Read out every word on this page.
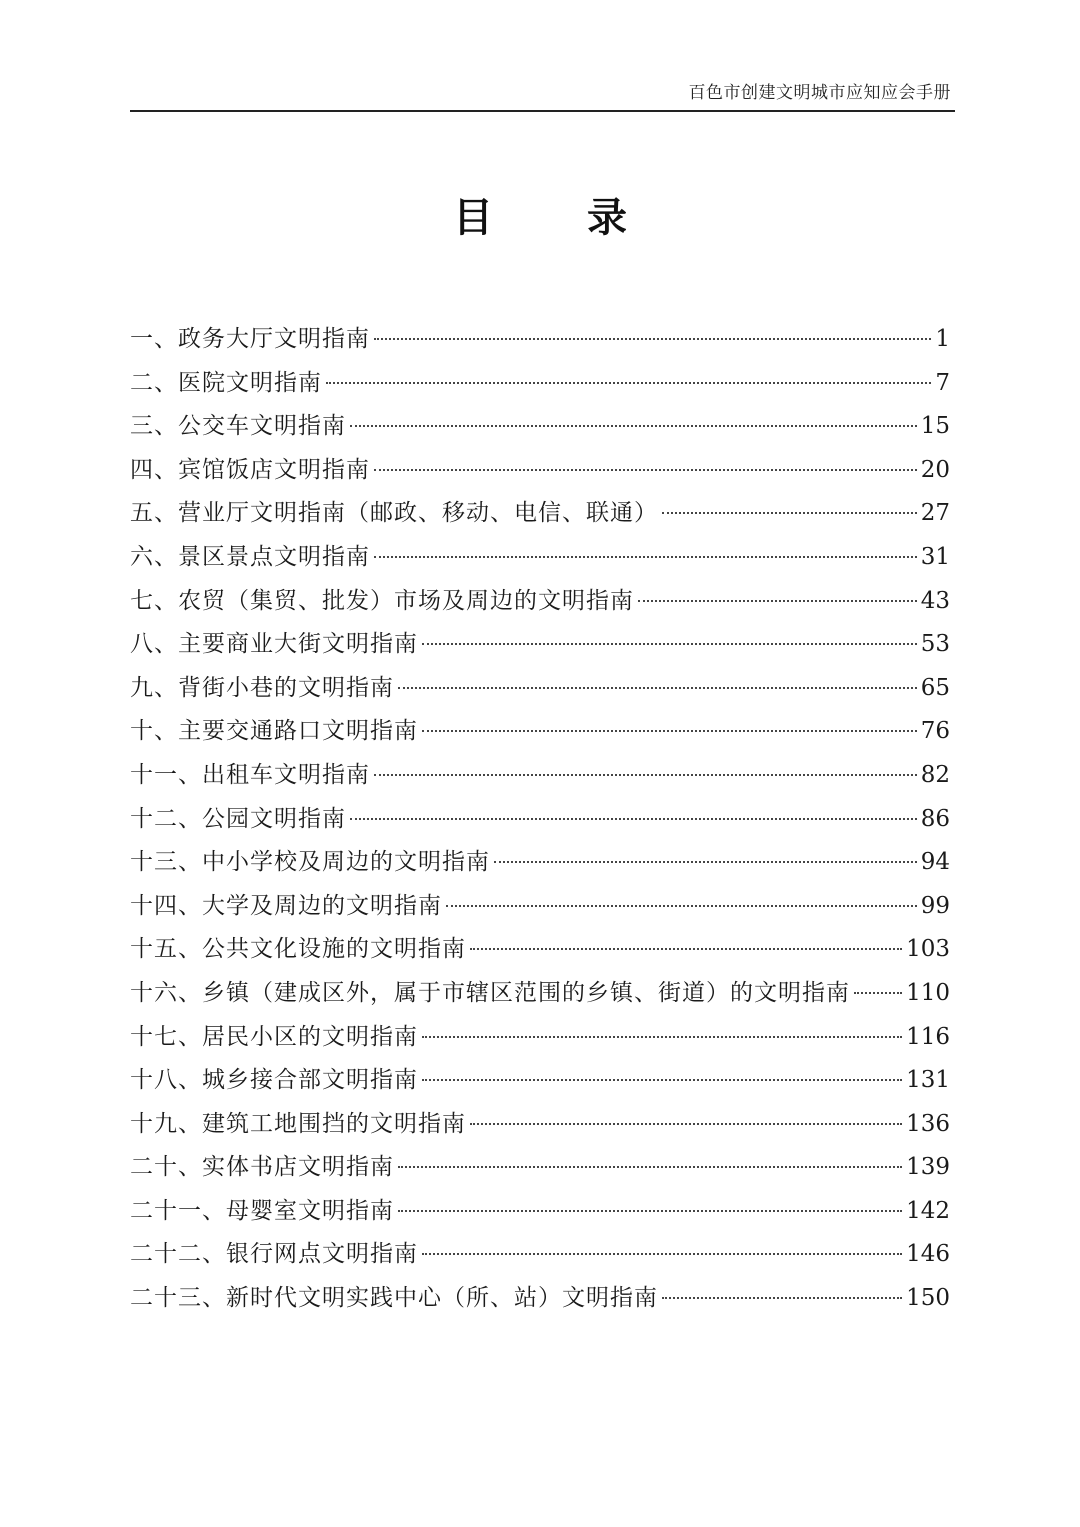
百色市创建文明城市应知应会手册
目 录
一、政务大厅文明指南	1
二、医院文明指南	7
三、公交车文明指南	15
四、宾馆饭店文明指南	20
五、营业厅文明指南（邮政、移动、电信、联通）	27
六、景区景点文明指南	31
七、农贸（集贸、批发）市场及周边的文明指南	43
八、主要商业大街文明指南	53
九、背街小巷的文明指南	65
十、主要交通路口文明指南	76
十一、出租车文明指南	82
十二、公园文明指南	86
十三、中小学校及周边的文明指南	94
十四、大学及周边的文明指南	99
十五、公共文化设施的文明指南	103
十六、乡镇（建成区外，属于市辖区范围的乡镇、街道）的文明指南 110
十七、居民小区的文明指南	116
十八、城乡接合部文明指南	131
十九、建筑工地围挡的文明指南	136
二十、实体书店文明指南	139
二十一、母婴室文明指南	142
二十二、银行网点文明指南	146
二十三、新时代文明实践中心（所、站）文明指南	150
